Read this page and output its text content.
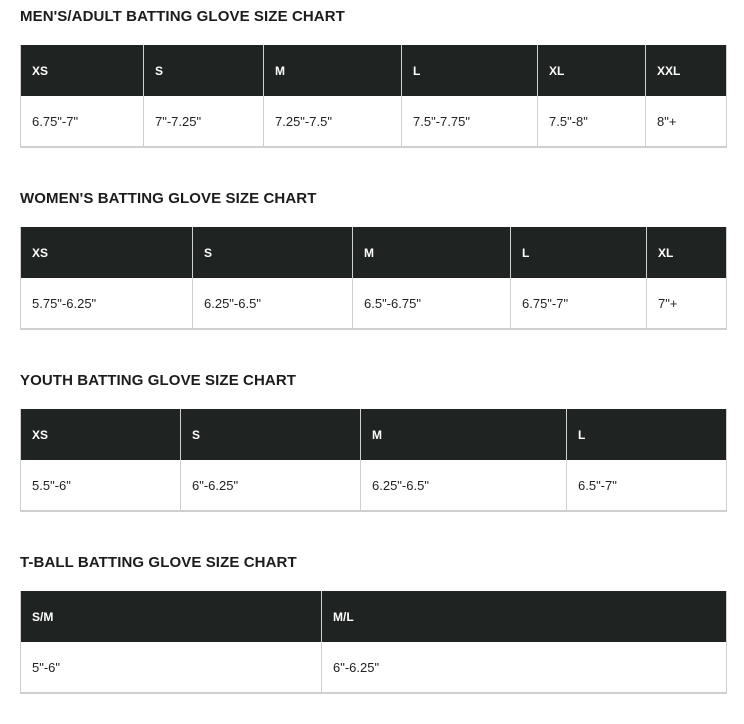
MEN'S/ADULT BATTING GLOVE SIZE CHART
XS	S	M	L	XL	XXL
6.75"-7"	7"-7.25"	7.25"-7.5"	7.5"-7.75"	7.5"-8"	8"+
WOMEN'S BATTING GLOVE SIZE CHART
XS	S	M	L	XL
5.75"-6.25"	6.25"-6.5"	6.5"-6.75"	6.75"-7"	7"+
YOUTH BATTING GLOVE SIZE CHART
XS	S	M	L
5.5"-6"	6"-6.25"	6.25"-6.5"	6.5"-7"
T-BALL BATTING GLOVE SIZE CHART
S/M	M/L
5"-6"	6"-6.25"
